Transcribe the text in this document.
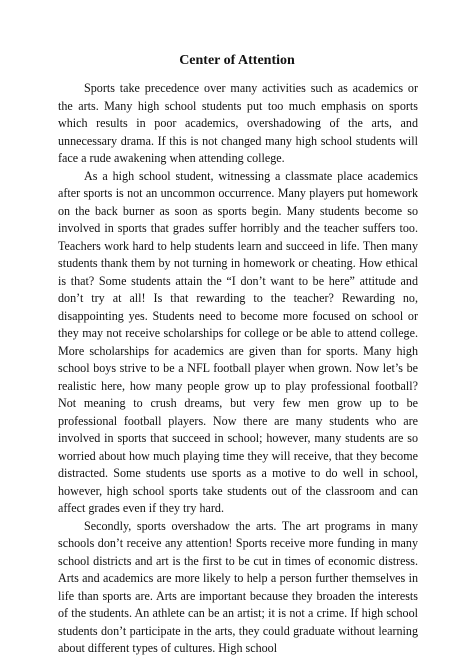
Center of Attention

Sports take precedence over many activities such as academics or the arts. Many high school students put too much emphasis on sports which results in poor academics, overshadowing of the arts, and unnecessary drama. If this is not changed many high school students will face a rude awakening when attending college.

As a high school student, witnessing a classmate place academics after sports is not an uncommon occurrence. Many players put homework on the back burner as soon as sports begin. Many students become so involved in sports that grades suffer horribly and the teacher suffers too. Teachers work hard to help students learn and succeed in life. Then many students thank them by not turning in homework or cheating. How ethical is that? Some students attain the “I don’t want to be here” attitude and don’t try at all! Is that rewarding to the teacher? Rewarding no, disappointing yes. Students need to become more focused on school or they may not receive scholarships for college or be able to attend college. More scholarships for academics are given than for sports. Many high school boys strive to be a NFL football player when grown. Now let’s be realistic here, how many people grow up to play professional football? Not meaning to crush dreams, but very few men grow up to be professional football players. Now there are many students who are involved in sports that succeed in school; however, many students are so worried about how much playing time they will receive, that they become distracted. Some students use sports as a motive to do well in school, however, high school sports take students out of the classroom and can affect grades even if they try hard.

Secondly, sports overshadow the arts. The art programs in many schools don’t receive any attention! Sports receive more funding in many school districts and art is the first to be cut in times of economic distress. Arts and academics are more likely to help a person further themselves in life than sports are. Arts are important because they broaden the interests of the students. An athlete can be an artist; it is not a crime. If high school students don’t participate in the arts, they could graduate without learning about different types of cultures. High school
